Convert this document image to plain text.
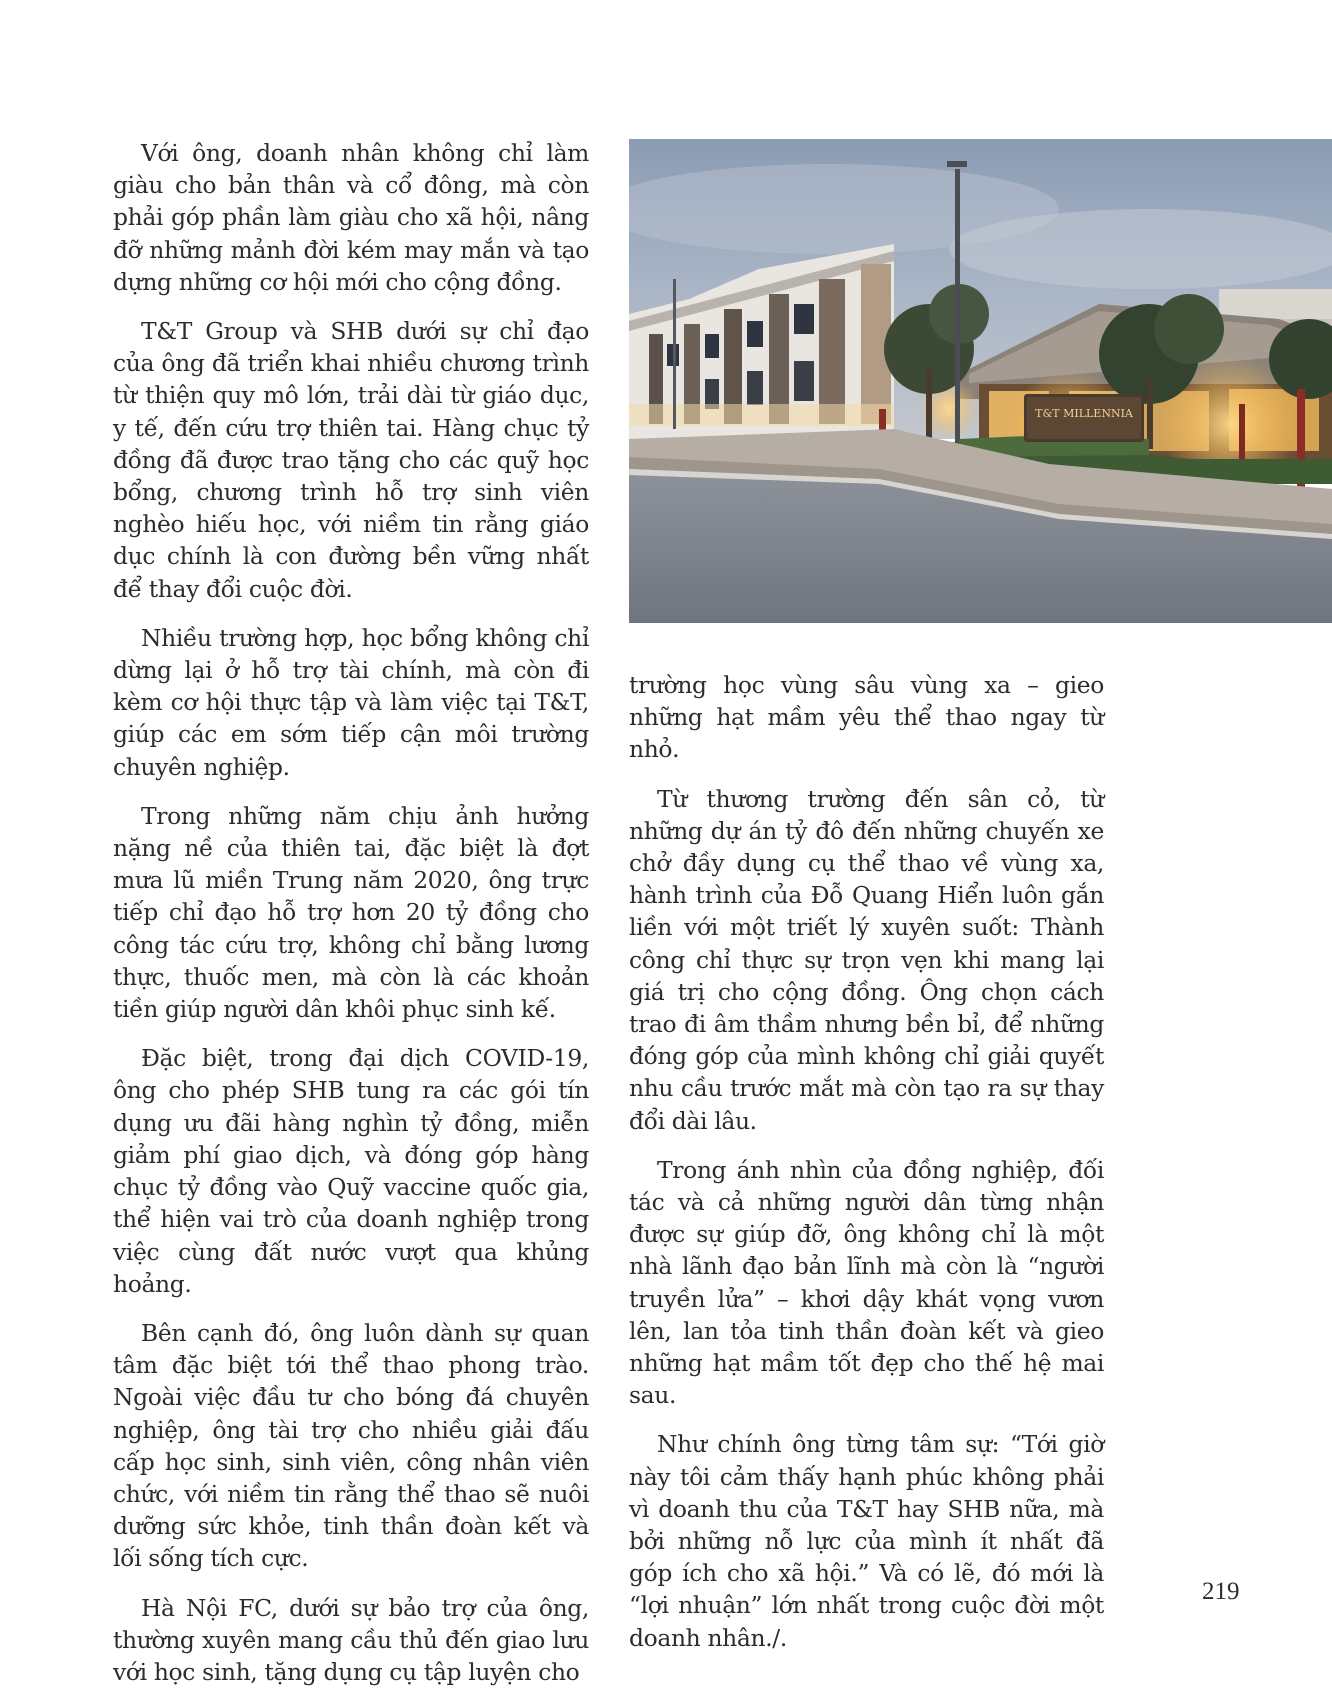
Với ông, doanh nhân không chỉ làm giàu cho bản thân và cổ đông, mà còn phải góp phần làm giàu cho xã hội, nâng đỡ những mảnh đời kém may mắn và tạo dựng những cơ hội mới cho cộng đồng.

T&T Group và SHB dưới sự chỉ đạo của ông đã triển khai nhiều chương trình từ thiện quy mô lớn, trải dài từ giáo dục, y tế, đến cứu trợ thiên tai. Hàng chục tỷ đồng đã được trao tặng cho các quỹ học bổng, chương trình hỗ trợ sinh viên nghèo hiếu học, với niềm tin rằng giáo dục chính là con đường bền vững nhất để thay đổi cuộc đời.

Nhiều trường hợp, học bổng không chỉ dừng lại ở hỗ trợ tài chính, mà còn đi kèm cơ hội thực tập và làm việc tại T&T, giúp các em sớm tiếp cận môi trường chuyên nghiệp.

Trong những năm chịu ảnh hưởng nặng nề của thiên tai, đặc biệt là đợt mưa lũ miền Trung năm 2020, ông trực tiếp chỉ đạo hỗ trợ hơn 20 tỷ đồng cho công tác cứu trợ, không chỉ bằng lương thực, thuốc men, mà còn là các khoản tiền giúp người dân khôi phục sinh kế.

Đặc biệt, trong đại dịch COVID-19, ông cho phép SHB tung ra các gói tín dụng ưu đãi hàng nghìn tỷ đồng, miễn giảm phí giao dịch, và đóng góp hàng chục tỷ đồng vào Quỹ vaccine quốc gia, thể hiện vai trò của doanh nghiệp trong việc cùng đất nước vượt qua khủng hoảng.

Bên cạnh đó, ông luôn dành sự quan tâm đặc biệt tới thể thao phong trào. Ngoài việc đầu tư cho bóng đá chuyên nghiệp, ông tài trợ cho nhiều giải đấu cấp học sinh, sinh viên, công nhân viên chức, với niềm tin rằng thể thao sẽ nuôi dưỡng sức khỏe, tinh thần đoàn kết và lối sống tích cực.

Hà Nội FC, dưới sự bảo trợ của ông, thường xuyên mang cầu thủ đến giao lưu với học sinh, tặng dụng cụ tập luyện cho

T&T MILLENNIA

trường học vùng sâu vùng xa – gieo những hạt mầm yêu thể thao ngay từ nhỏ.

Từ thương trường đến sân cỏ, từ những dự án tỷ đô đến những chuyến xe chở đầy dụng cụ thể thao về vùng xa, hành trình của Đỗ Quang Hiển luôn gắn liền với một triết lý xuyên suốt: Thành công chỉ thực sự trọn vẹn khi mang lại giá trị cho cộng đồng. Ông chọn cách trao đi âm thầm nhưng bền bỉ, để những đóng góp của mình không chỉ giải quyết nhu cầu trước mắt mà còn tạo ra sự thay đổi dài lâu.

Trong ánh nhìn của đồng nghiệp, đối tác và cả những người dân từng nhận được sự giúp đỡ, ông không chỉ là một nhà lãnh đạo bản lĩnh mà còn là “người truyền lửa” – khơi dậy khát vọng vươn lên, lan tỏa tinh thần đoàn kết và gieo những hạt mầm tốt đẹp cho thế hệ mai sau.

Như chính ông từng tâm sự: “Tới giờ này tôi cảm thấy hạnh phúc không phải vì doanh thu của T&T hay SHB nữa, mà bởi những nỗ lực của mình ít nhất đã góp ích cho xã hội.” Và có lẽ, đó mới là “lợi nhuận” lớn nhất trong cuộc đời một doanh nhân./.

219
